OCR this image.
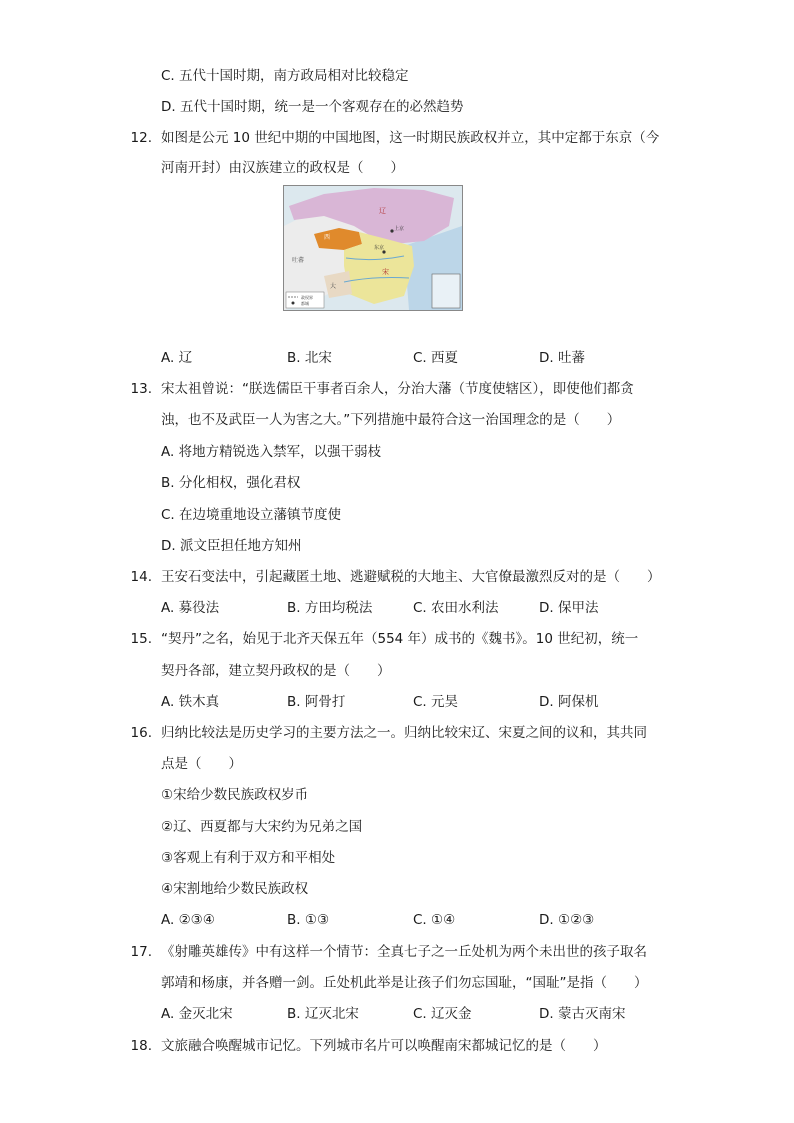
C. 五代十国时期，南方政局相对比较稳定
D. 五代十国时期，统一是一个客观存在的必然趋势
12. 如图是公元 10 世纪中期的中国地图，这一时期民族政权并立，其中定都于东京（今
河南开封）由汉族建立的政权是（　　）
辽
西
宋
上京
东京
吐蕃
大
政权界
都城
A. 辽	B. 北宋	C. 西夏	D. 吐蕃
13. 宋太祖曾说：“朕选儒臣干事者百余人，分治大藩（节度使辖区），即使他们都贪
浊，也不及武臣一人为害之大。”下列措施中最符合这一治国理念的是（　　）
A. 将地方精锐选入禁军，以强干弱枝
B. 分化相权，强化君权
C. 在边境重地设立藩镇节度使
D. 派文臣担任地方知州
14. 王安石变法中，引起藏匿土地、逃避赋税的大地主、大官僚最激烈反对的是（　　）
A. 募役法	B. 方田均税法	C. 农田水利法	D. 保甲法
15. “契丹”之名，始见于北齐天保五年（554 年）成书的《魏书》。10 世纪初，统一
契丹各部，建立契丹政权的是（　　）
A. 铁木真	B. 阿骨打	C. 元昊	D. 阿保机
16. 归纳比较法是历史学习的主要方法之一。归纳比较宋辽、宋夏之间的议和，其共同
点是（　　）
①宋给少数民族政权岁币
②辽、西夏都与大宋约为兄弟之国
③客观上有利于双方和平相处
④宋割地给少数民族政权
A. ②③④	B. ①③	C. ①④	D. ①②③
17. 《射雕英雄传》中有这样一个情节：全真七子之一丘处机为两个未出世的孩子取名
郭靖和杨康，并各赠一剑。丘处机此举是让孩子们勿忘国耻，“国耻”是指（　　）
A. 金灭北宋	B. 辽灭北宋	C. 辽灭金	D. 蒙古灭南宋
18. 文旅融合唤醒城市记忆。下列城市名片可以唤醒南宋都城记忆的是（　　）
